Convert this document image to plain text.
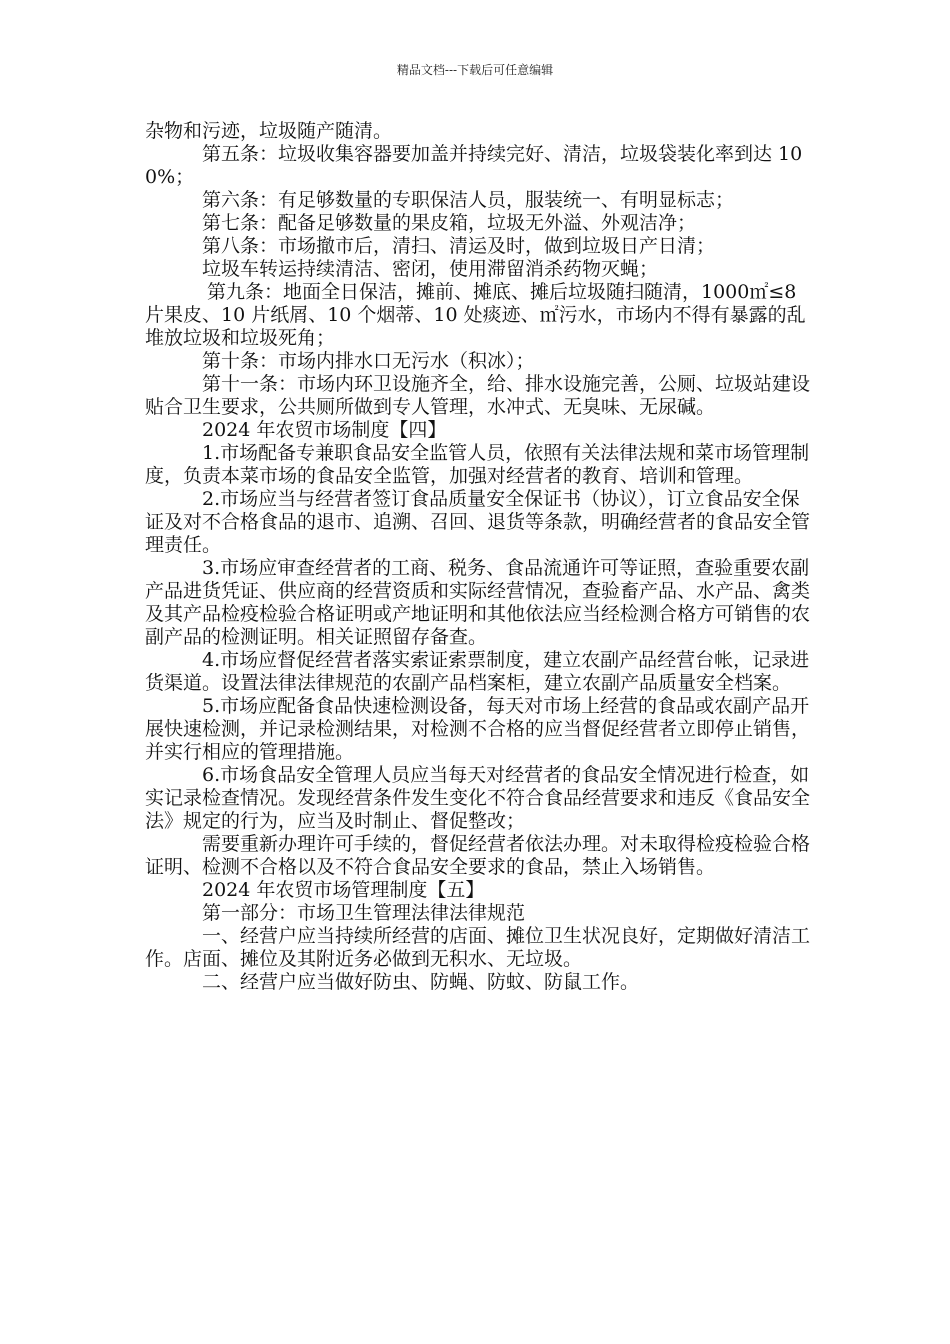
精品文档---下载后可任意编辑

杂物和污迹，垃圾随产随清。

第五条：垃圾收集容器要加盖并持续完好、清洁，垃圾袋装化率到达 100%；

第六条：有足够数量的专职保洁人员，服装统一、有明显标志；

第七条：配备足够数量的果皮箱，垃圾无外溢、外观洁净；

第八条：市场撤市后，清扫、清运及时，做到垃圾日产日清；

垃圾车转运持续清洁、密闭，使用滞留消杀药物灭蝇；

第九条：地面全日保洁，摊前、摊底、摊后垃圾随扫随清，1000㎡≤8 片果皮、10 片纸屑、10 个烟蒂、10 处痰迹、㎡污水，市场内不得有暴露的乱堆放垃圾和垃圾死角；

第十条：市场内排水口无污水（积冰）；

第十一条：市场内环卫设施齐全，给、排水设施完善，公厕、垃圾站建设贴合卫生要求，公共厕所做到专人管理，水冲式、无臭味、无尿碱。

2024 年农贸市场制度【四】

1.市场配备专兼职食品安全监管人员，依照有关法律法规和菜市场管理制度，负责本菜市场的食品安全监管，加强对经营者的教育、培训和管理。

2.市场应当与经营者签订食品质量安全保证书（协议），订立食品安全保证及对不合格食品的退市、追溯、召回、退货等条款，明确经营者的食品安全管理责任。

3.市场应审查经营者的工商、税务、食品流通许可等证照，查验重要农副产品进货凭证、供应商的经营资质和实际经营情况，查验畜产品、水产品、禽类及其产品检疫检验合格证明或产地证明和其他依法应当经检测合格方可销售的农副产品的检测证明。相关证照留存备查。

4.市场应督促经营者落实索证索票制度，建立农副产品经营台帐，记录进货渠道。设置法律法律规范的农副产品档案柜，建立农副产品质量安全档案。

5.市场应配备食品快速检测设备，每天对市场上经营的食品或农副产品开展快速检测，并记录检测结果，对检测不合格的应当督促经营者立即停止销售，并实行相应的管理措施。

6.市场食品安全管理人员应当每天对经营者的食品安全情况进行检查，如实记录检查情况。发现经营条件发生变化不符合食品经营要求和违反《食品安全法》规定的行为，应当及时制止、督促整改；

需要重新办理许可手续的，督促经营者依法办理。对未取得检疫检验合格证明、检测不合格以及不符合食品安全要求的食品，禁止入场销售。

2024 年农贸市场管理制度【五】

第一部分：市场卫生管理法律法律规范

一、经营户应当持续所经营的店面、摊位卫生状况良好，定期做好清洁工作。店面、摊位及其附近务必做到无积水、无垃圾。

二、经营户应当做好防虫、防蝇、防蚊、防鼠工作。
